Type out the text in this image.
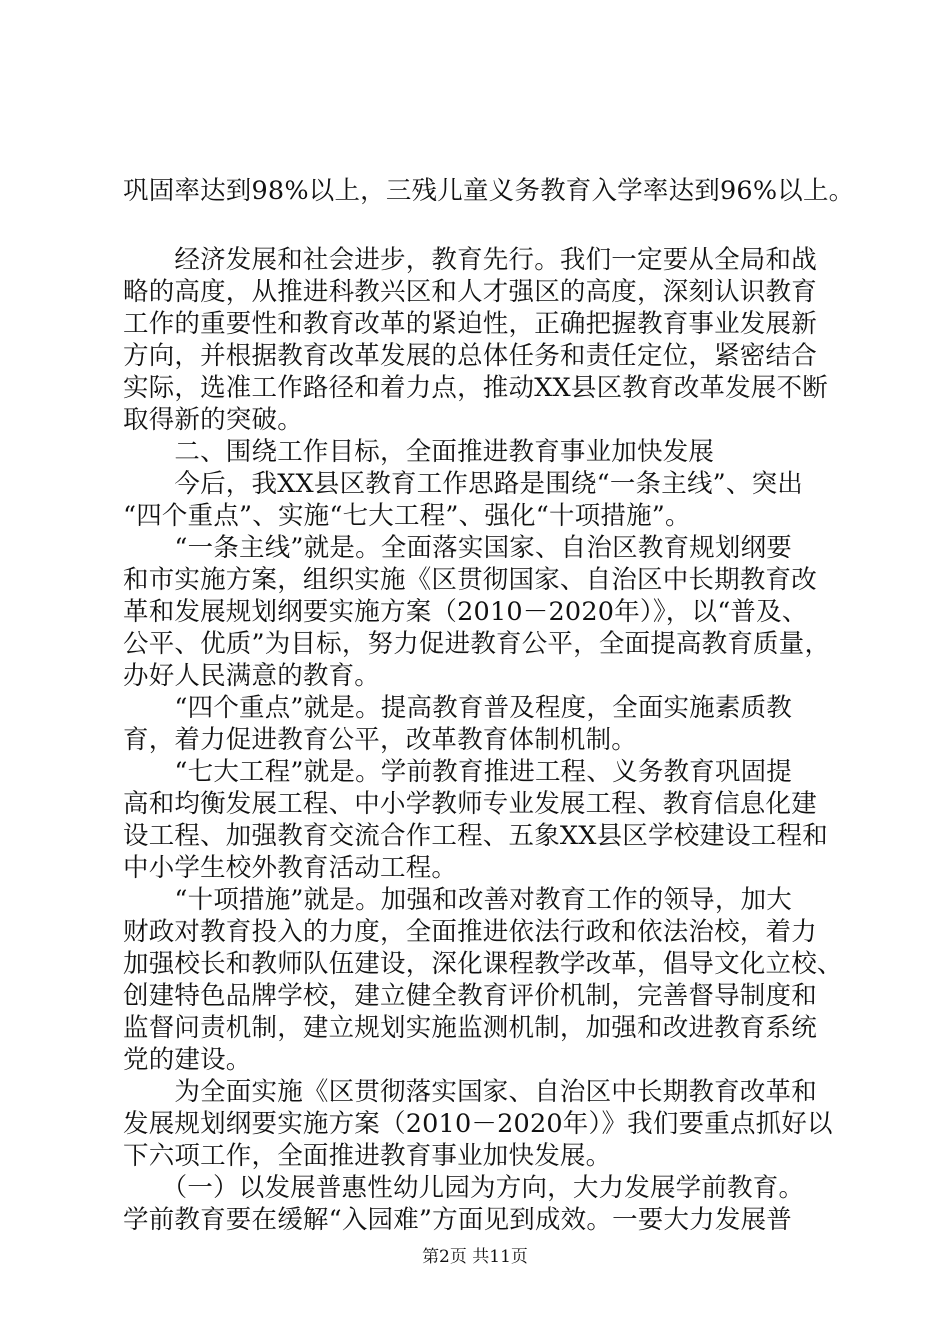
巩固率达到98%以上，三残儿童义务教育入学率达到96%以上。
　　经济发展和社会进步，教育先行。我们一定要从全局和战
略的高度，从推进科教兴区和人才强区的高度，深刻认识教育
工作的重要性和教育改革的紧迫性，正确把握教育事业发展新
方向，并根据教育改革发展的总体任务和责任定位，紧密结合
实际，选准工作路径和着力点，推动XX县区教育改革发展不断
取得新的突破。
　　二、围绕工作目标，全面推进教育事业加快发展
　　今后，我XX县区教育工作思路是围绕“一条主线”、突出
“四个重点”、实施“七大工程”、强化“十项措施”。
　　“一条主线”就是。全面落实国家、自治区教育规划纲要
和市实施方案，组织实施《区贯彻国家、自治区中长期教育改
革和发展规划纲要实施方案（2010－2020年）》，以“普及、
公平、优质”为目标，努力促进教育公平，全面提高教育质量，
办好人民满意的教育。
　　“四个重点”就是。提高教育普及程度，全面实施素质教
育，着力促进教育公平，改革教育体制机制。
　　“七大工程”就是。学前教育推进工程、义务教育巩固提
高和均衡发展工程、中小学教师专业发展工程、教育信息化建
设工程、加强教育交流合作工程、五象XX县区学校建设工程和
中小学生校外教育活动工程。
　　“十项措施”就是。加强和改善对教育工作的领导，加大
财政对教育投入的力度，全面推进依法行政和依法治校，着力
加强校长和教师队伍建设，深化课程教学改革，倡导文化立校、
创建特色品牌学校，建立健全教育评价机制，完善督导制度和
监督问责机制，建立规划实施监测机制，加强和改进教育系统
党的建设。
　　为全面实施《区贯彻落实国家、自治区中长期教育改革和
发展规划纲要实施方案（2010－2020年）》我们要重点抓好以
下六项工作，全面推进教育事业加快发展。
　　（一）以发展普惠性幼儿园为方向，大力发展学前教育。
学前教育要在缓解“入园难”方面见到成效。一要大力发展普
第2页 共11页
